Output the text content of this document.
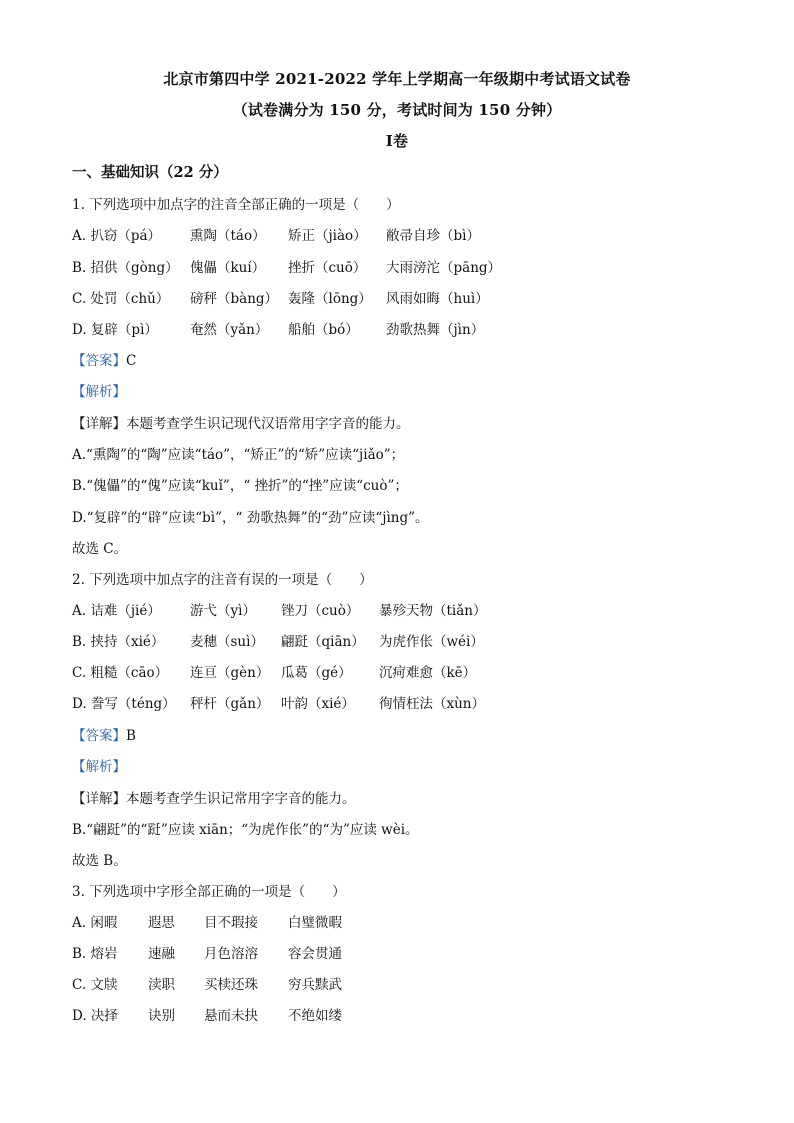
北京市第四中学 2021-2022 学年上学期高一年级期中考试语文试卷
（试卷满分为 150 分，考试时间为 150 分钟）
Ⅰ卷
一、基础知识（22 分）
1. 下列选项中加点字的注音全部正确的一项是（　　）
A. 扒窃（pá） 熏陶（táo） 矫正（jiào） 敝帚自珍（bì）
B. 招供（gòng） 傀儡（kuí） 挫折（cuō） 大雨滂沱（pāng）
C. 处罚（chǔ） 磅秤（bàng） 轰隆（lōng） 风雨如晦（huì）
D. 复辟（pì） 奄然（yǎn） 船舶（bó） 劲歌热舞（jìn）
【答案】C
【解析】
【详解】本题考查学生识记现代汉语常用字字音的能力。
A.“熏陶”的“陶”应读“táo”，“矫正”的“矫”应读“jiǎo”；
B.“傀儡”的“傀”应读“kuǐ”，“ 挫折”的“挫”应读“cuò”；
D.“复辟”的“辟”应读“bì”，“ 劲歌热舞”的“劲”应读“jìng”。
故选 C。
2. 下列选项中加点字的注音有误的一项是（　　）
A. 诘难（jié） 游弋（yì） 锉刀（cuò） 暴殄天物（tiǎn）
B. 挟持（xié） 麦穗（suì） 翩跹（qiān） 为虎作伥（wéi）
C. 粗糙（cāo） 连亘（gèn） 瓜葛（gé） 沉疴难愈（kē）
D. 誊写（téng） 秤杆（gǎn） 叶韵（xié） 徇情枉法（xùn）
【答案】B
【解析】
【详解】本题考查学生识记常用字字音的能力。
B.“翩跹”的“跹”应读 xiān；“为虎作伥”的“为”应读 wèi。
故选 B。
3. 下列选项中字形全部正确的一项是（　　）
A. 闲暇 遐思 目不瑕接 白璧微暇
B. 熔岩 速融 月色溶溶 容会贯通
C. 文牍 渎职 买椟还珠 穷兵黩武
D. 决择 诀别 悬而未抉 不绝如缕
